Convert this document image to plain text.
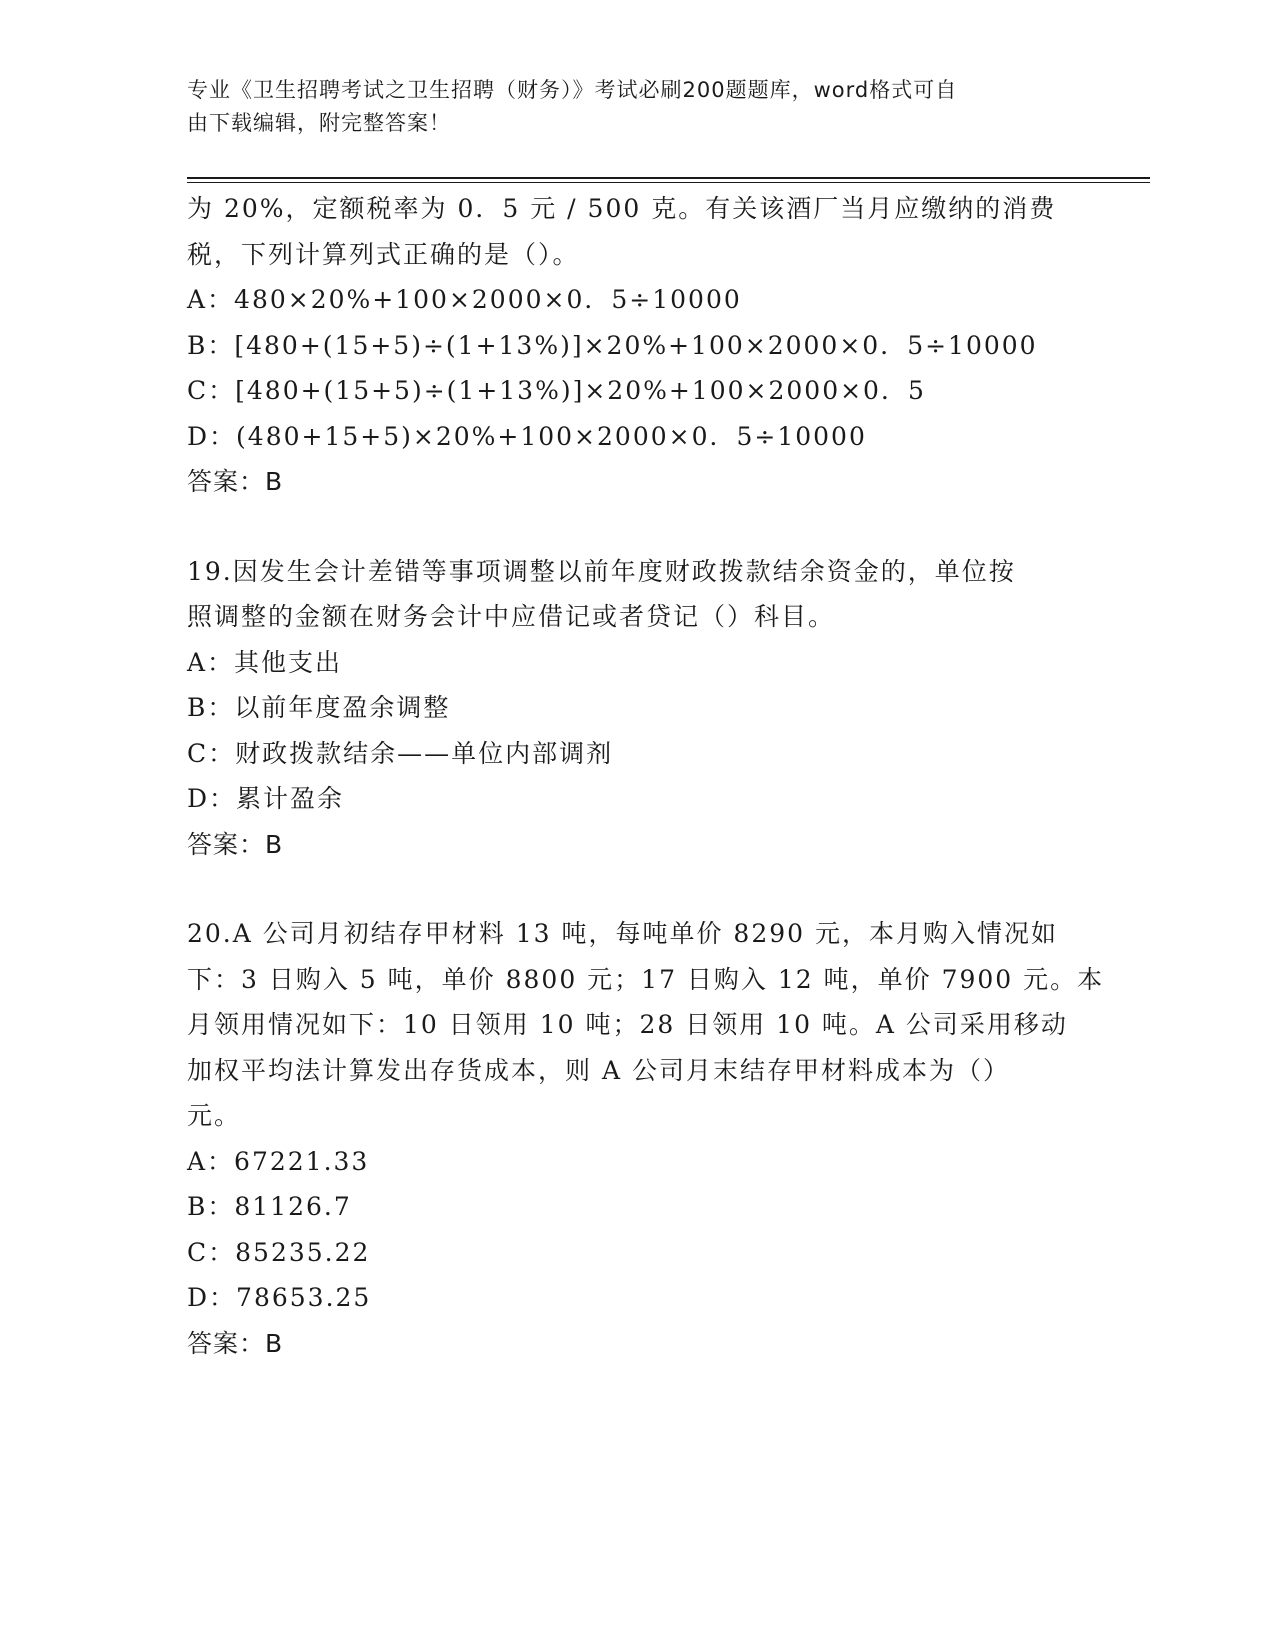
专业《卫生招聘考试之卫生招聘（财务）》考试必刷200题题库，word格式可自
由下载编辑，附完整答案！
为 20%，定额税率为 0．5 元 / 500 克。有关该酒厂当月应缴纳的消费
税，下列计算列式正确的是（）。
A：480×20%+100×2000×0．5÷10000
B：[480+(15+5)÷(1+13%)]×20%+100×2000×0．5÷10000
C：[480+(15+5)÷(1+13%)]×20%+100×2000×0．5
D：(480+15+5)×20%+100×2000×0．5÷10000
答案：B
19.因发生会计差错等事项调整以前年度财政拨款结余资金的，单位按
照调整的金额在财务会计中应借记或者贷记（）科目。
A：其他支出
B：以前年度盈余调整
C：财政拨款结余——单位内部调剂
D：累计盈余
答案：B
20.A 公司月初结存甲材料 13 吨，每吨单价 8290 元，本月购入情况如
下：3 日购入 5 吨，单价 8800 元；17 日购入 12 吨，单价 7900 元。本
月领用情况如下：10 日领用 10 吨；28 日领用 10 吨。A 公司采用移动
加权平均法计算发出存货成本，则 A 公司月末结存甲材料成本为（）
元。
A：67221.33
B：81126.7
C：85235.22
D：78653.25
答案：B
